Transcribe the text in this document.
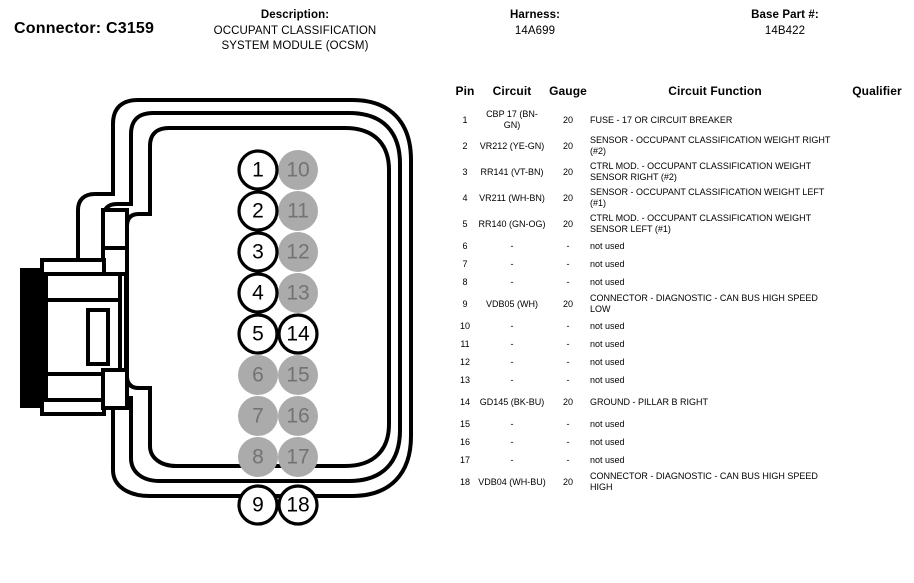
Connector: C3159
Description:
OCCUPANT CLASSIFICATION
SYSTEM MODULE (OCSM)
Harness:
14A699
Base Part #:
14B422
1
2
3
4
5
6
7
8
9
10
11
12
13
14
15
16
17
18
Pin	Circuit	Gauge	Circuit Function	Qualifier
1	CBP 17 (BN-GN)	20	FUSE - 17 OR CIRCUIT BREAKER	
2	VR212 (YE-GN)	20	SENSOR - OCCUPANT CLASSIFICATION WEIGHT RIGHT (#2)	
3	RR141 (VT-BN)	20	CTRL MOD. - OCCUPANT CLASSIFICATION WEIGHT SENSOR RIGHT (#2)	
4	VR211 (WH-BN)	20	SENSOR - OCCUPANT CLASSIFICATION WEIGHT LEFT (#1)	
5	RR140 (GN-OG)	20	CTRL MOD. - OCCUPANT CLASSIFICATION WEIGHT SENSOR LEFT (#1)	
6	-	-	not used	
7	-	-	not used	
8	-	-	not used	
9	VDB05 (WH)	20	CONNECTOR - DIAGNOSTIC - CAN BUS HIGH SPEED LOW	
10	-	-	not used	
11	-	-	not used	
12	-	-	not used	
13	-	-	not used	
14	GD145 (BK-BU)	20	GROUND - PILLAR B RIGHT	
15	-	-	not used	
16	-	-	not used	
17	-	-	not used	
18	VDB04 (WH-BU)	20	CONNECTOR - DIAGNOSTIC - CAN BUS HIGH SPEED HIGH	
